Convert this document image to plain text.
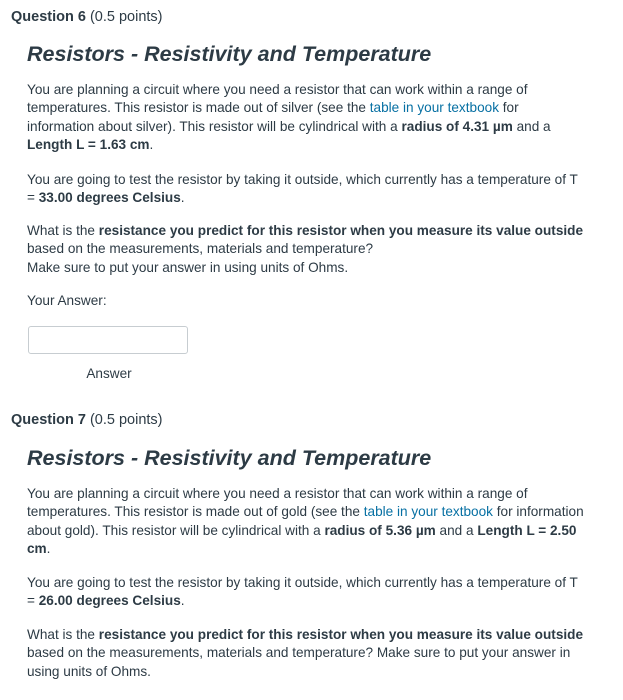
Question 6 (0.5 points)
Resistors - Resistivity and Temperature

You are planning a circuit where you need a resistor that can work within a range of temperatures. This resistor is made out of silver (see the table in your textbook for information about silver). This resistor will be cylindrical with a radius of 4.31 µm and a Length L = 1.63 cm.

You are going to test the resistor by taking it outside, which currently has a temperature of T = 33.00 degrees Celsius.

What is the resistance you predict for this resistor when you measure its value outside based on the measurements, materials and temperature?
Make sure to put your answer in using units of Ohms.

Your Answer:
Answer
Question 7 (0.5 points)
Resistors - Resistivity and Temperature

You are planning a circuit where you need a resistor that can work within a range of temperatures. This resistor is made out of gold (see the table in your textbook for information about gold). This resistor will be cylindrical with a radius of 5.36 µm and a Length L = 2.50 cm.

You are going to test the resistor by taking it outside, which currently has a temperature of T = 26.00 degrees Celsius.

What is the resistance you predict for this resistor when you measure its value outside based on the measurements, materials and temperature? Make sure to put your answer in using units of Ohms.
